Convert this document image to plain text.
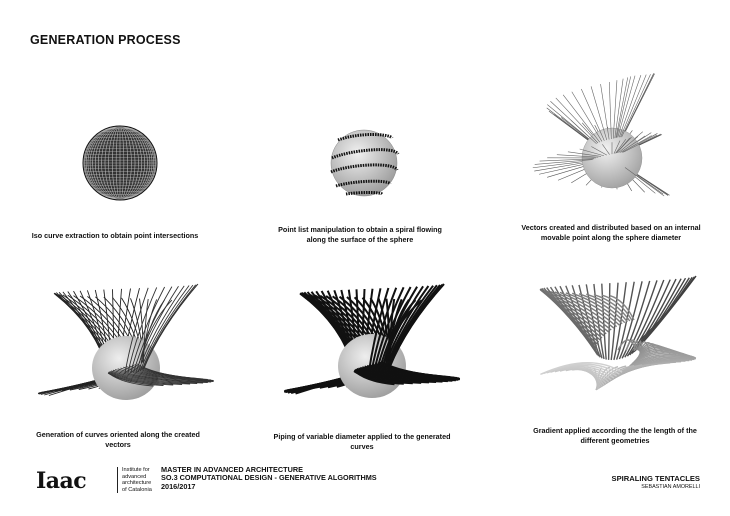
GENERATION PROCESS
Iso curve extraction to obtain point intersections
Point list manipulation to obtain a spiral flowing along the surface of the sphere
Vectors created and distributed based on an internal movable point along the sphere diameter
Generation of curves oriented along the created vectors
Piping of variable diameter applied to the generated curves
Gradient applied according the the length of the different geometries
Iaac	Institute for
advanced
architecture
of Catalonia
MASTER IN ADVANCED ARCHITECTURE
SO.3 COMPUTATIONAL DESIGN - GENERATIVE ALGORITHMS
2016/2017
SPIRALING TENTACLES
SEBASTIAN AMORELLI
